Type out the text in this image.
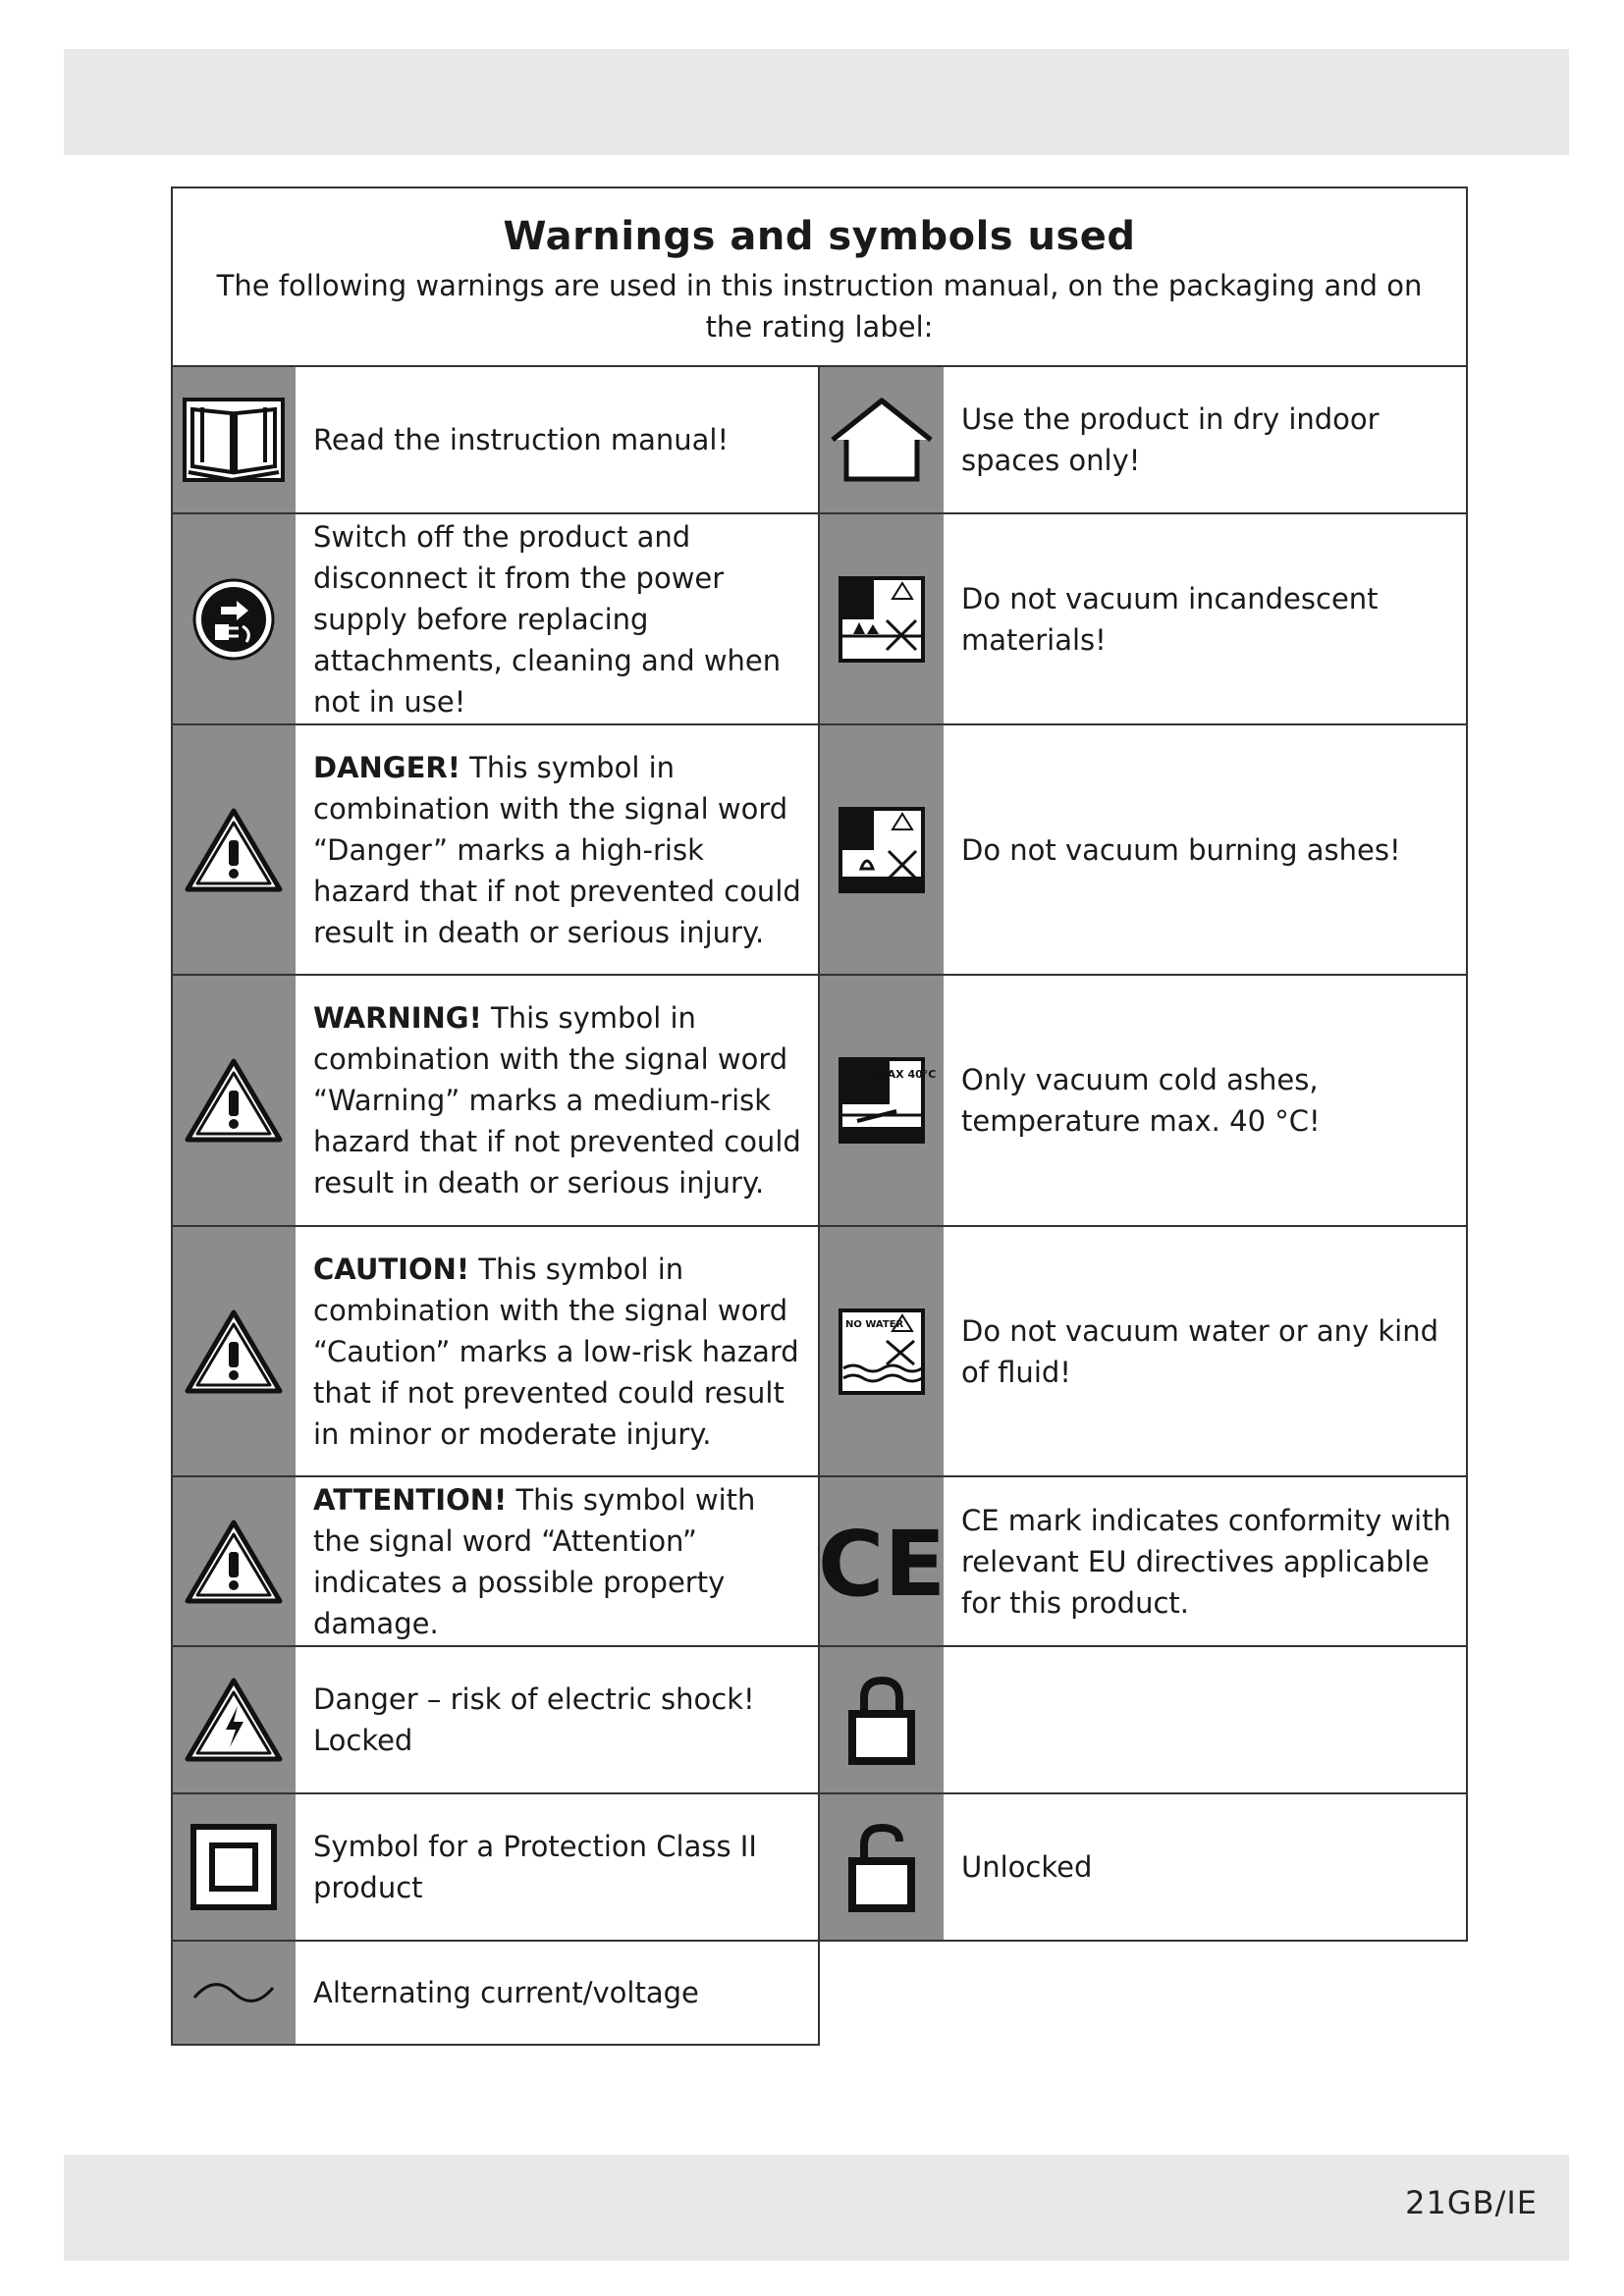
Warnings and symbols used
The following warnings are used in this instruction manual, on the packaging and on the rating label:
Read the instruction manual!
Switch off the product and disconnect it from the power supply before replacing attachments, cleaning and when not in use!
DANGER! This symbol in combination with the signal word “Danger” marks a high-risk hazard that if not prevented could result in death or serious injury.
WARNING! This symbol in combination with the signal word “Warning” marks a medium-risk hazard that if not prevented could result in death or serious injury.
CAUTION! This symbol in combination with the signal word “Caution” marks a low-risk hazard that if not prevented could result in minor or moderate injury.
ATTENTION! This symbol with the signal word “Attention” indicates a possible property damage.
Danger – risk of electric shock! Locked
Symbol for a Protection Class II product
Alternating current/voltage
Use the product in dry indoor spaces only!
Do not vacuum incandescent materials!
Do not vacuum burning ashes!
MAX 40°C Only vacuum cold ashes, temperature max. 40 °C!
NO WATER Do not vacuum water or any kind of fluid!
CE CE mark indicates conformity with relevant EU directives applicable for this product.
Unlocked
21GB/IE
